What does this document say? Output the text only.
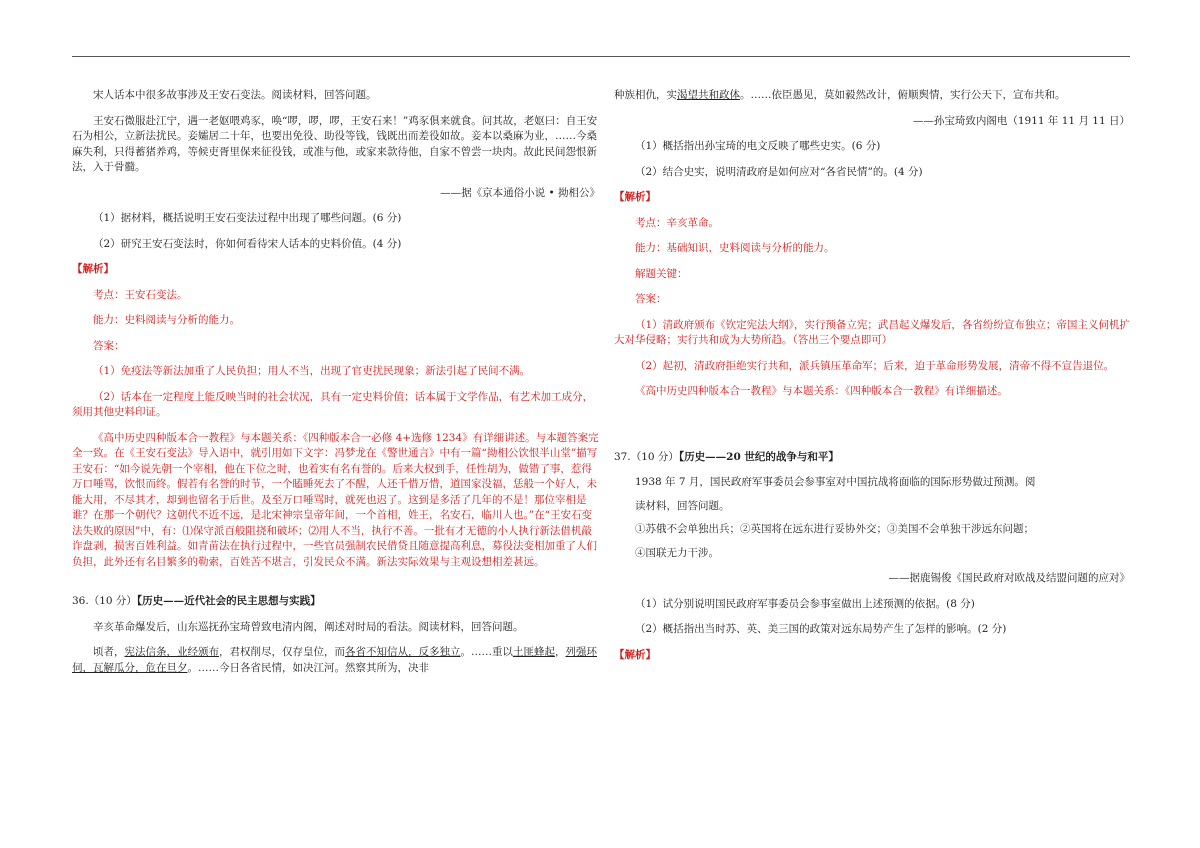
宋人话本中很多故事涉及王安石变法。阅读材料，回答问题。

王安石微服赴江宁，遇一老妪喂鸡豕，唤“啰，啰，啰，王安石来！”鸡豕俱来就食。问其故，老妪曰：自王安石为相公，立新法扰民。妾孀居二十年，也要出免役、助役等钱，钱既出而差役如故。妾本以桑麻为业，……今桑麻失利，只得蓄猪养鸡，等候吏胥里保来征役钱，或准与他，或家来款待他，自家不曾尝一块肉。故此民间怨恨新法，入于骨髓。

——据《京本通俗小说 • 拗相公》

（1）据材料，概括说明王安石变法过程中出现了哪些问题。(6 分)

（2）研究王安石变法时，你如何看待宋人话本的史料价值。(4 分)

【解析】

考点：王安石变法。

能力：史料阅读与分析的能力。

答案：

（1）免疫法等新法加重了人民负担；用人不当，出现了官吏扰民现象；新法引起了民间不满。

（2）话本在一定程度上能反映当时的社会状况，具有一定史料价值；话本属于文学作品，有艺术加工成分，须用其他史料印证。

《高中历史四种版本合一教程》与本题关系：《四种版本合一必修 4+选修 1234》有详细讲述。与本题答案完全一致。在《王安石变法》导入语中，就引用如下文字：冯梦龙在《警世通言》中有一篇“拗相公饮恨半山堂”描写王安石：“如今说先朝一个宰相，他在下位之时，也着实有名有誉的。后来大权到手，任性胡为，做错了事，惹得万口唾骂，饮恨而终。假若有名誉的时节，一个瞌睡死去了不醒，人还千惜万惜，道国家没福，恁般一个好人，未能大用，不尽其才，却到也留名于后世。及至万口唾骂时，就死也迟了。这到是多活了几年的不是！那位宰相是谁？在那一个朝代？这朝代不近不远，是北宋神宗皇帝年间，一个首相，姓王，名安石，临川人也。”在“王安石变法失败的原因”中，有：⑴保守派百般阻挠和破坏；⑵用人不当，执行不善。一批有才无德的小人执行新法借机敲诈盘剥，损害百姓利益。如青苗法在执行过程中，一些官员强制农民借贷且随意提高利息，募役法变相加重了人们负担，此外还有名目繁多的勒索，百姓苦不堪言，引发民众不满。新法实际效果与主观设想相差甚远。

36.（10 分）【历史——近代社会的民主思想与实践】

辛亥革命爆发后，山东巡抚孙宝琦曾致电清内阁，阐述对时局的看法。阅读材料，回答问题。

顷者，宪法信条，业经颁布，君权削尽，仅存皇位，而各省不知信从，反多独立。……重以土匪蜂起，列强环伺，瓦解瓜分，危在旦夕。……今日各省民情，如决江河。然察其所为，决非

种族相仇，实渴望共和政体。……依臣愚见，莫如毅然改计，俯顺舆情，实行公天下，宣布共和。

——孙宝琦致内阁电（1911 年 11 月 11 日）

（1）概括指出孙宝琦的电文反映了哪些史实。(6 分)

（2）结合史实，说明清政府是如何应对“各省民情”的。(4 分)

【解析】

考点：辛亥革命。

能力：基础知识，史料阅读与分析的能力。

解题关键：

答案：

（1）清政府颁布《钦定宪法大纲》，实行预备立宪；武昌起义爆发后，各省纷纷宣布独立；帝国主义伺机扩大对华侵略；实行共和成为大势所趋。（答出三个要点即可）

（2）起初，清政府拒绝实行共和，派兵镇压革命军；后来，迫于革命形势发展，清帝不得不宣告退位。

《高中历史四种版本合一教程》与本题关系：《四种版本合一教程》有详细描述。

37.（10 分）【历史——20 世纪的战争与和平】

1938 年 7 月，国民政府军事委员会参事室对中国抗战将面临的国际形势做过预测。阅

读材料，回答问题。

①苏俄不会单独出兵；②英国将在远东进行妥协外交；③美国不会单独干涉远东问题；

④国联无力干涉。

——据鹿锡俊《国民政府对欧战及结盟问题的应对》

（1）试分别说明国民政府军事委员会参事室做出上述预测的依据。(8 分)

（2）概括指出当时苏、英、美三国的政策对远东局势产生了怎样的影响。(2 分)

【解析】
